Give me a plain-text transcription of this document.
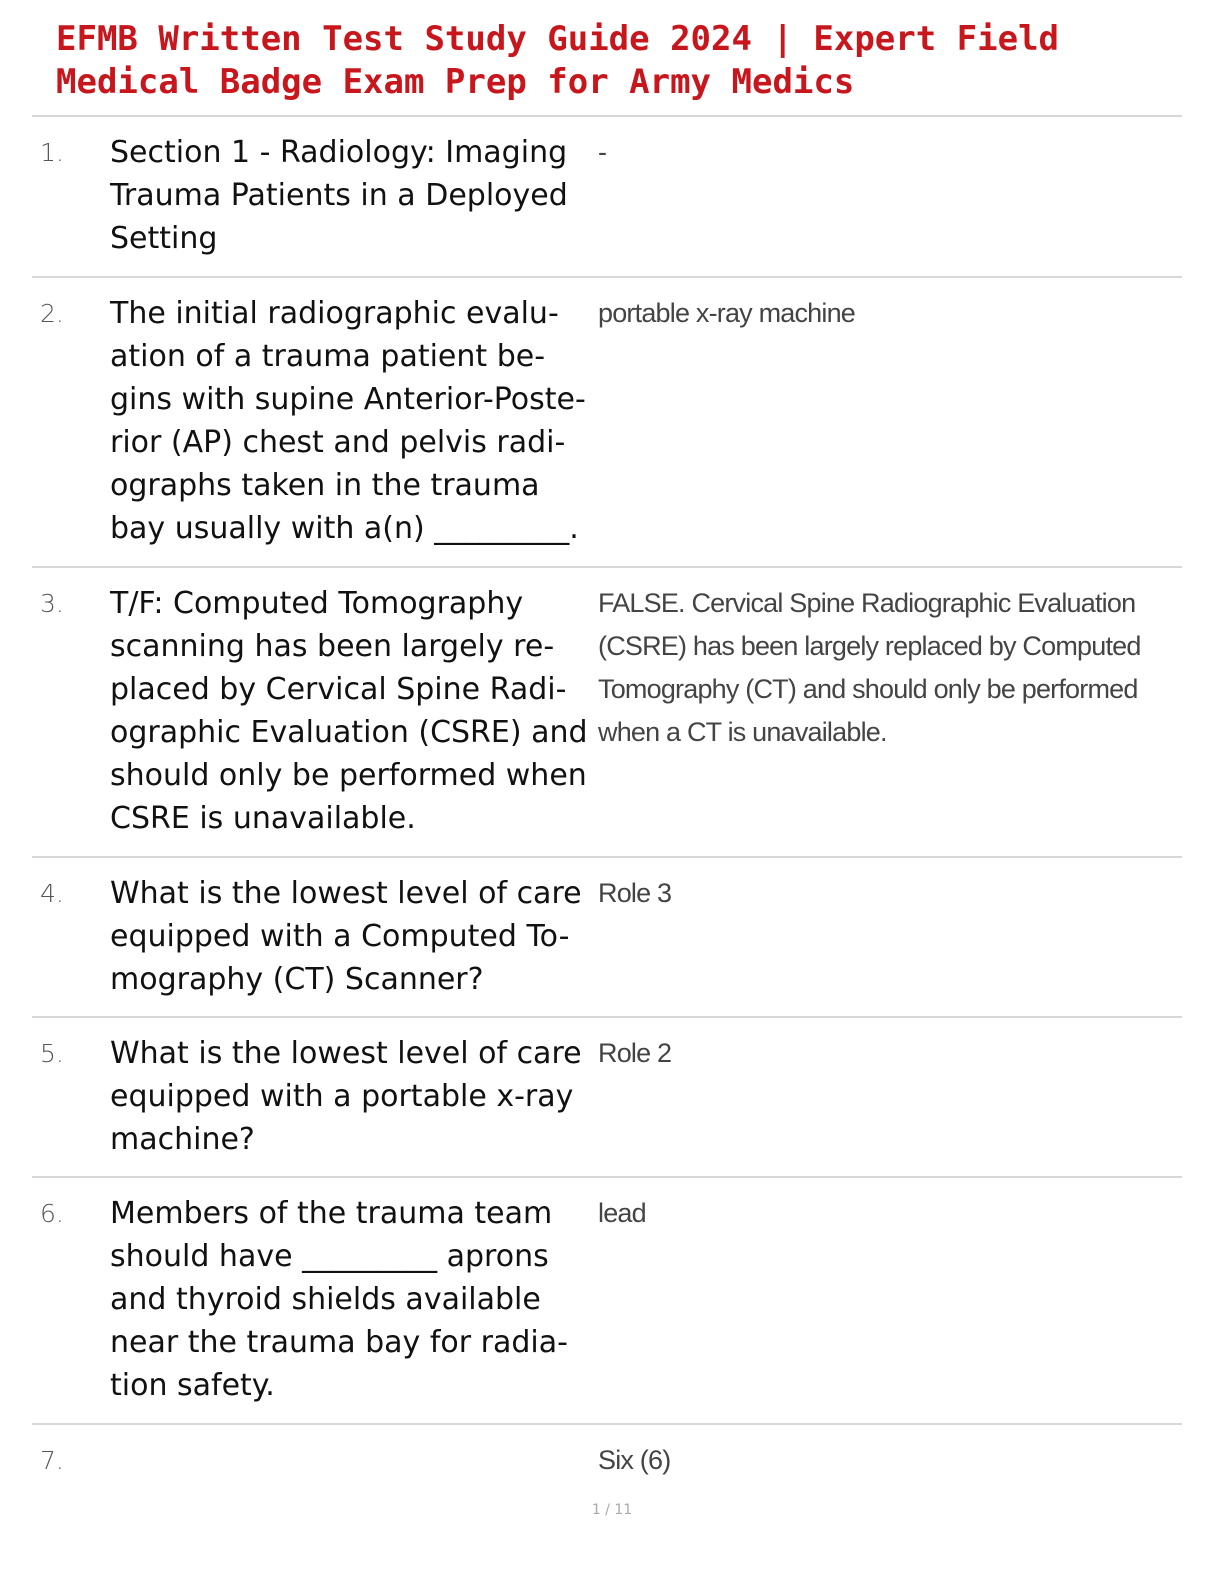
EFMB Written Test Study Guide 2024 | Expert Field Medical Badge Exam Prep for Army Medics
1. Section 1 - Radiology: Imaging Trauma Patients in a Deployed Setting
-
2. The initial radiographic evalu- ation of a trauma patient be- gins with supine Anterior-Poste- rior (AP) chest and pelvis radi- ographs taken in the trauma bay usually with a(n) _________.
portable x-ray machine
3. T/F: Computed Tomography scanning has been largely re- placed by Cervical Spine Radi- ographic Evaluation (CSRE) and should only be performed when CSRE is unavailable.
FALSE. Cervical Spine Radiographic Evaluation (CSRE) has been largely replaced by Computed Tomography (CT) and should only be performed when a CT is unavailable.
4. What is the lowest level of care equipped with a Computed To- mography (CT) Scanner?
Role 3
5. What is the lowest level of care equipped with a portable x-ray machine?
Role 2
6. Members of the trauma team should have _________ aprons and thyroid shields available near the trauma bay for radia- tion safety.
lead
7.	Six (6)
1 / 11
